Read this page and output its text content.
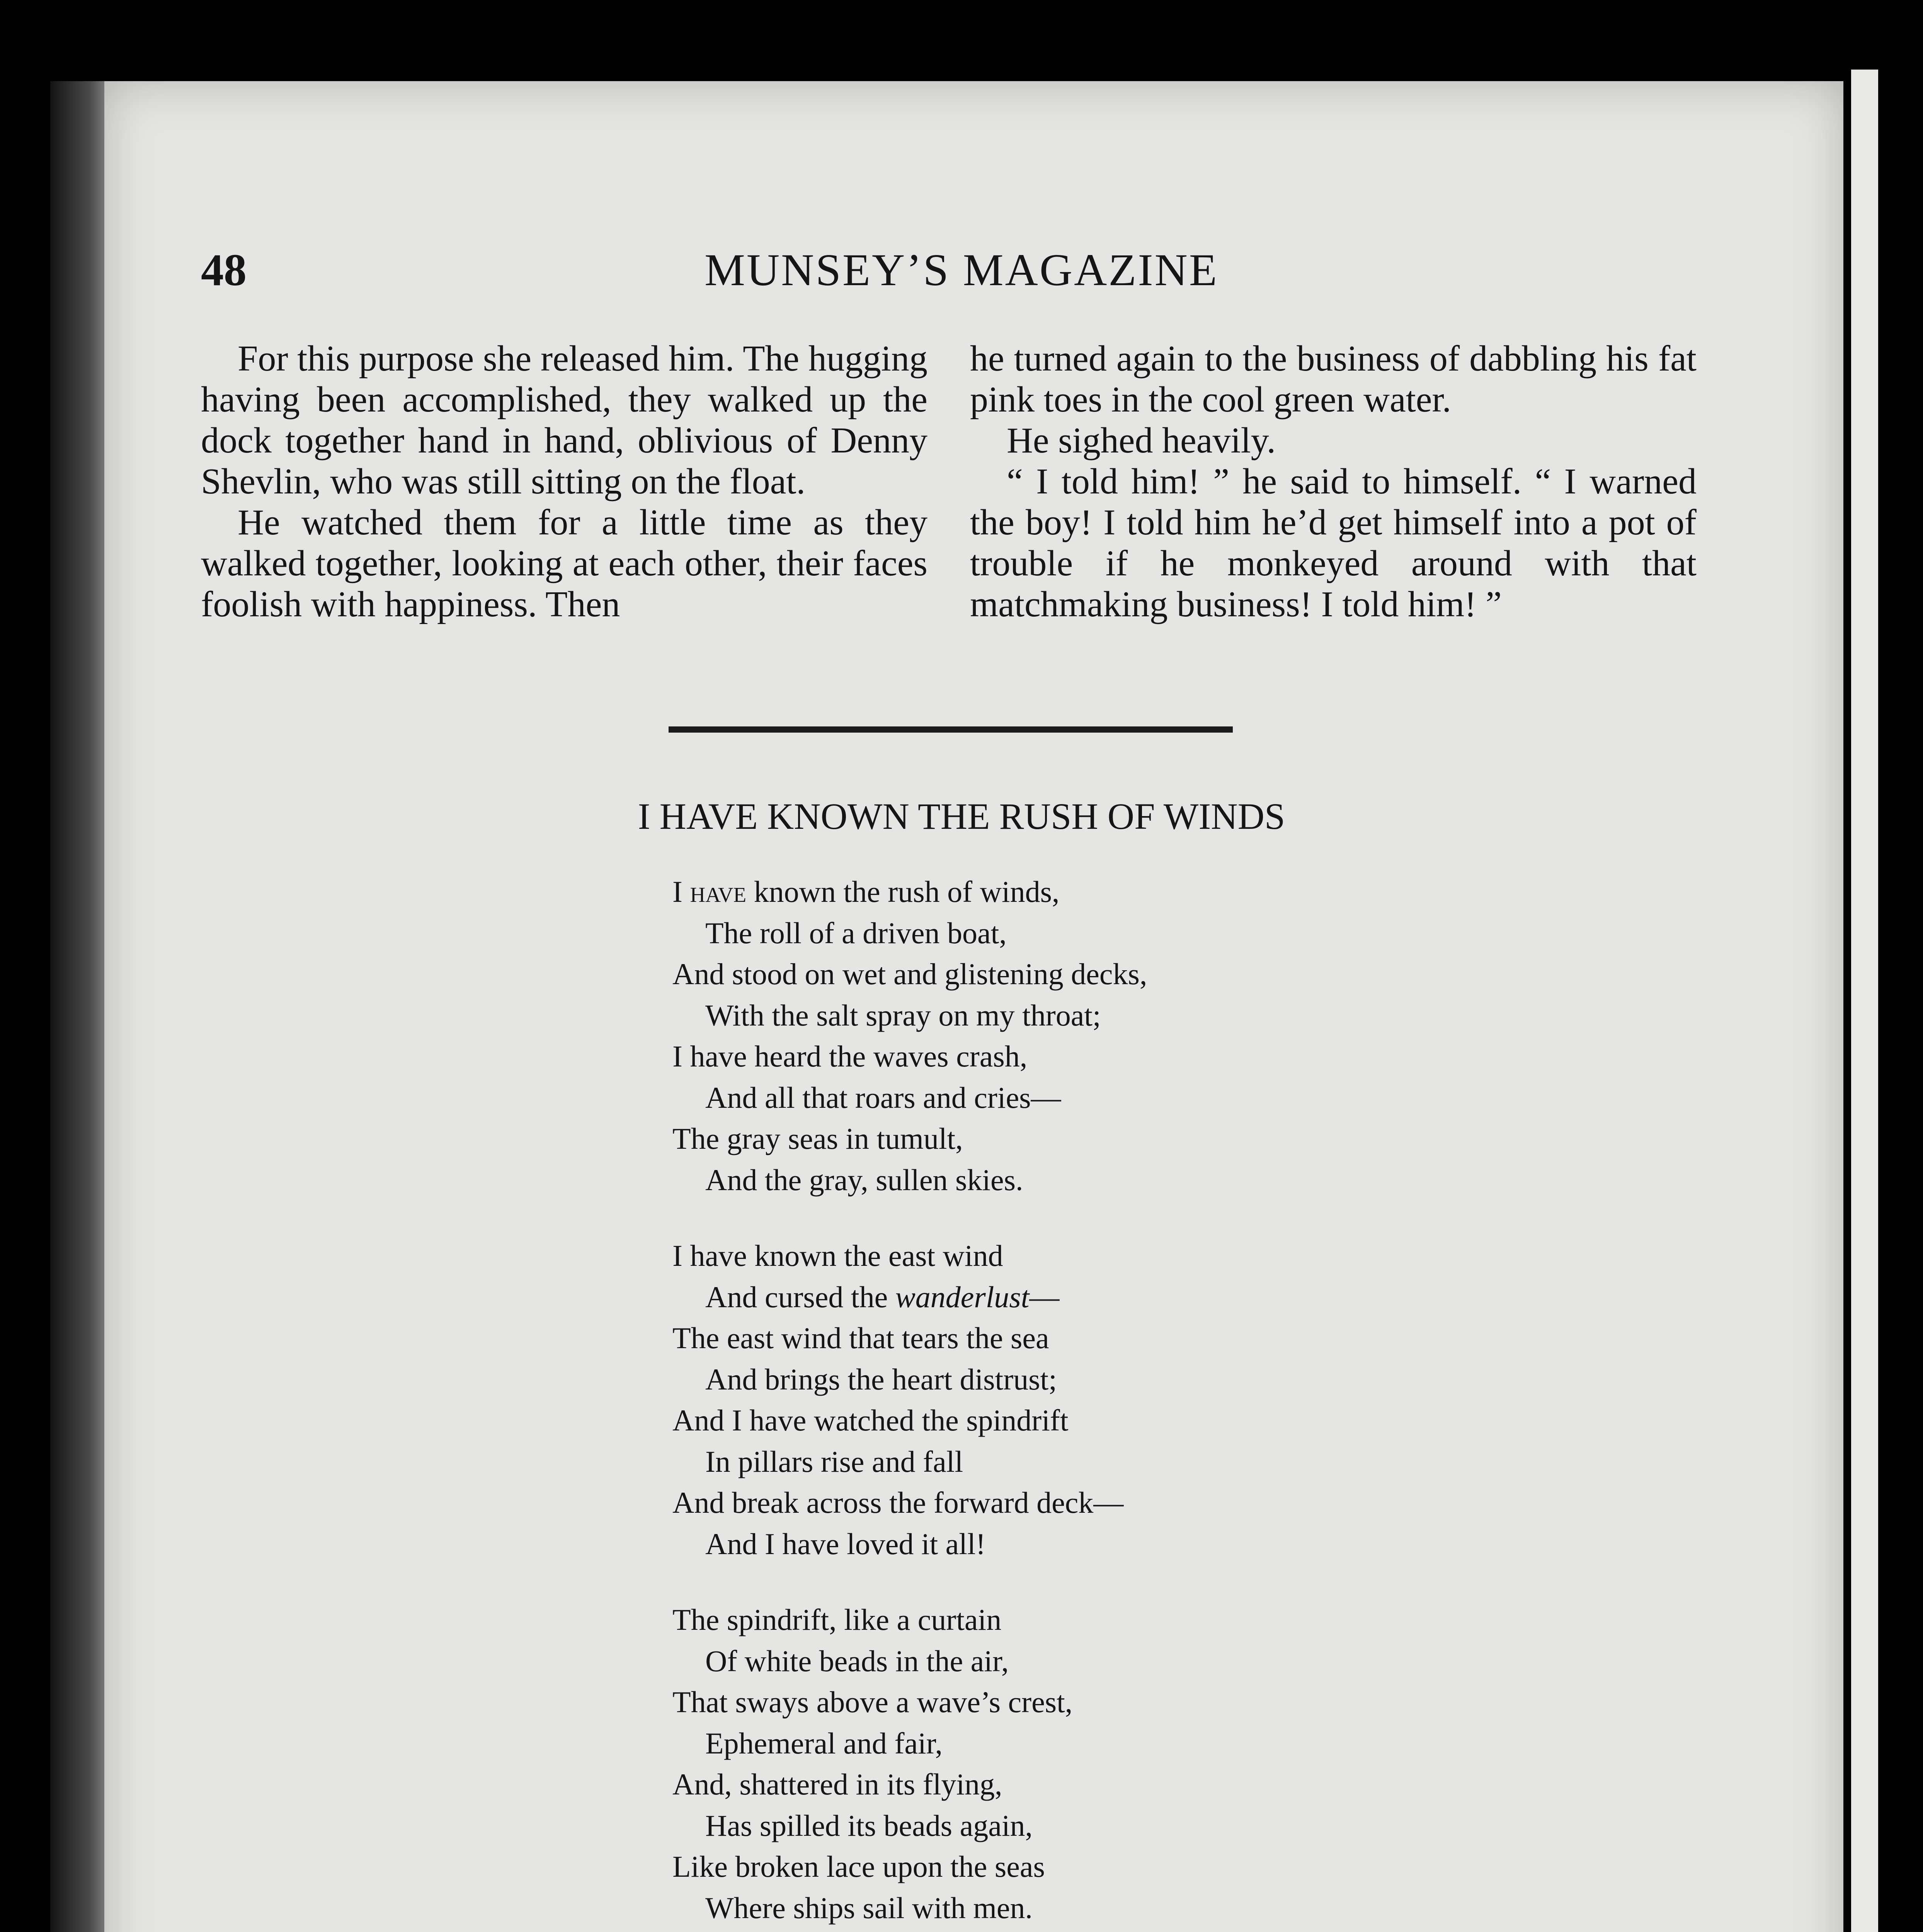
48	MUNSEY’S MAGAZINE

For this purpose she released him. The hugging having been accomplished, they walked up the dock together hand in hand, oblivious of Denny Shevlin, who was still sitting on the float.

He watched them for a little time as they walked together, looking at each other, their faces foolish with happiness. Then

he turned again to the business of dabbling his fat pink toes in the cool green water.

He sighed heavily.

“ I told him! ” he said to himself. “ I warned the boy! I told him he’d get himself into a pot of trouble if he monkeyed around with that matchmaking business! I told him! ”

I HAVE KNOWN THE RUSH OF WINDS
I have known the rush of winds,
The roll of a driven boat,
And stood on wet and glistening decks,
With the salt spray on my throat;
I have heard the waves crash,
And all that roars and cries—
The gray seas in tumult,
And the gray, sullen skies.
I have known the east wind
And cursed the wanderlust—
The east wind that tears the sea
And brings the heart distrust;
And I have watched the spindrift
In pillars rise and fall
And break across the forward deck—
And I have loved it all!
The spindrift, like a curtain
Of white beads in the air,
That sways above a wave’s crest,
Ephemeral and fair,
And, shattered in its flying,
Has spilled its beads again,
Like broken lace upon the seas
Where ships sail with men.
